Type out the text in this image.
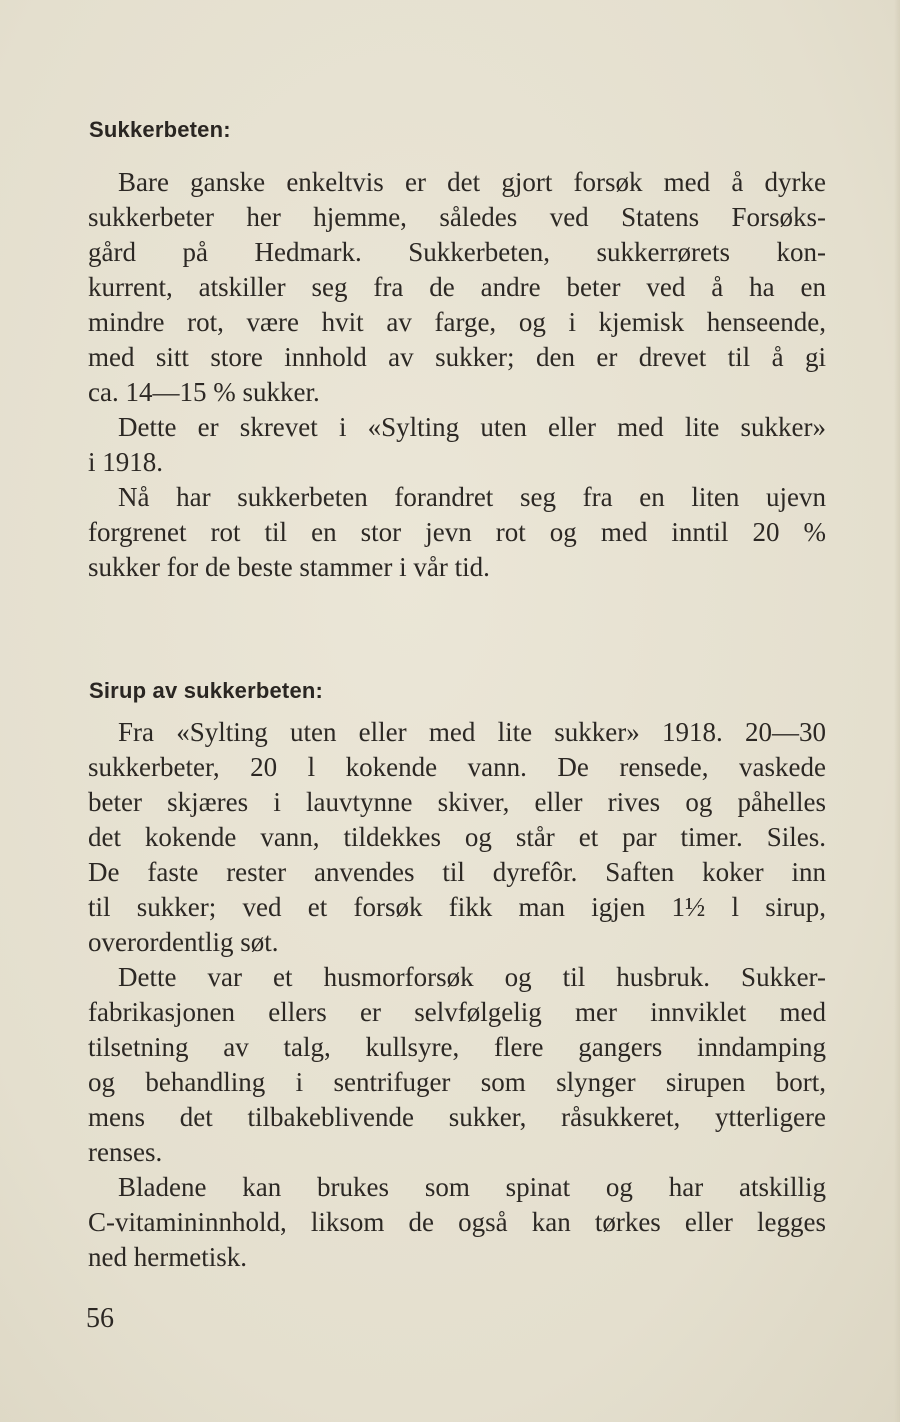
Sukkerbeten:

Bare ganske enkeltvis er det gjort forsøk med å dyrke
sukkerbeter her hjemme, således ved Statens Forsøks-
gård på Hedmark. Sukkerbeten, sukkerrørets kon-
kurrent, atskiller seg fra de andre beter ved å ha en
mindre rot, være hvit av farge, og i kjemisk henseende,
med sitt store innhold av sukker; den er drevet til å gi
ca. 14—15 % sukker.

Dette er skrevet i «Sylting uten eller med lite sukker»
i 1918.

Nå har sukkerbeten forandret seg fra en liten ujevn
forgrenet rot til en stor jevn rot og med inntil 20 %
sukker for de beste stammer i vår tid.

Sirup av sukkerbeten:

Fra «Sylting uten eller med lite sukker» 1918. 20—30
sukkerbeter, 20 l kokende vann. De rensede, vaskede
beter skjæres i lauvtynne skiver, eller rives og påhelles
det kokende vann, tildekkes og står et par timer. Siles.
De faste rester anvendes til dyrefôr. Saften koker inn
til sukker; ved et forsøk fikk man igjen 1½ l sirup,
overordentlig søt.

Dette var et husmorforsøk og til husbruk. Sukker-
fabrikasjonen ellers er selvfølgelig mer innviklet med
tilsetning av talg, kullsyre, flere gangers inndamping
og behandling i sentrifuger som slynger sirupen bort,
mens det tilbakeblivende sukker, råsukkeret, ytterligere
renses.

Bladene kan brukes som spinat og har atskillig
C-vitamininnhold, liksom de også kan tørkes eller legges
ned hermetisk.

56
